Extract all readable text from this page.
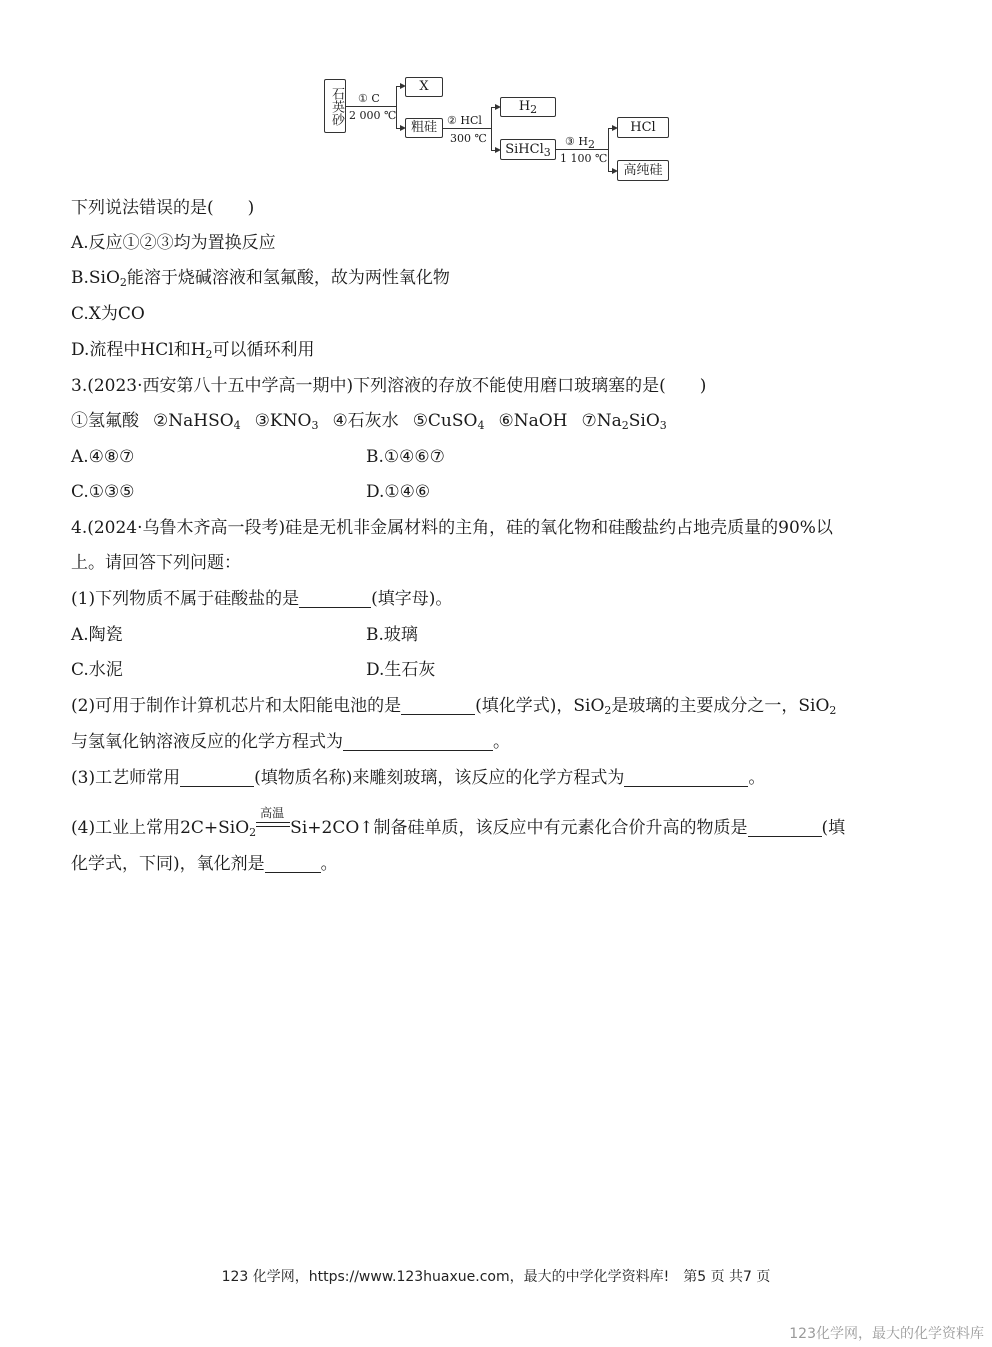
石英砂 ① C
2 000 ℃
X
粗硅 ② HCl
300 ℃
$H_2$
SiHCl$_3$
③ $H_2$
1 100 ℃
HCl
高纯硅
下列说法错误的是(　　)
A.反应①②③均为置换反应
B.SiO$_2$能溶于烧碱溶液和氢氟酸，故为两性氧化物
C.X为CO
D.流程中HCl和$H_2$可以循环利用
3.(2023·西安第八十五中学高一期中)下列溶液的存放不能使用磨口玻璃塞的是(　　)
①氢氟酸 ②NaHSO$_4$ $③KNO_3$ ④石灰水 ⑤CuSO$_4$ ⑥NaOH $⑦Na_2SiO_3$
A.④⑧⑦	B.①④⑥⑦
C.①③⑤	D.①④⑥
4.(2024·乌鲁木齐高一段考)硅是无机非金属材料的主角，硅的氧化物和硅酸盐约占地壳质量的90%以
上。请回答下列问题：
(1)下列物质不属于硅酸盐的是	(填字母)。
A.陶瓷	B.玻璃
C.水泥	D.生石灰
(2)可用于制作计算机芯片和太阳能电池的是	(填化学式)，SiO$_2$是玻璃的主要成分之一，SiO$_2$
与氢氧化钠溶液反应的化学方程式为	。
(3)工艺师常用	(填物质名称)来雕刻玻璃，该反应的化学方程式为	。
(4)工业上常用2C+SiO$_2$
高温
Si+2CO↑制备硅单质，该反应中有元素化合价升高的物质是	(填
化学式，下同)，氧化剂是	。
123 化学网，https://www.123huaxue.com，最大的中学化学资料库!　第5 页 共7 页
123化学网，最大的化学资料库
